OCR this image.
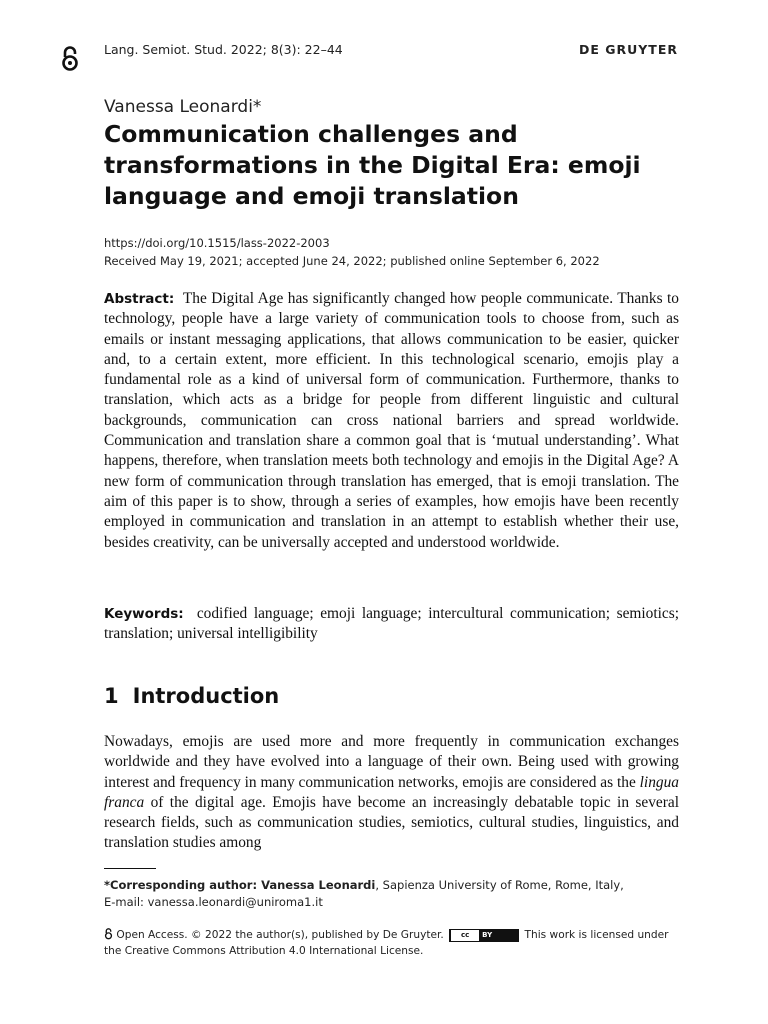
Lang. Semiot. Stud. 2022; 8(3): 22–44	DE GRUYTER
Vanessa Leonardi*
Communication challenges and
transformations in the Digital Era: emoji
language and emoji translation
https://doi.org/10.1515/lass-2022-2003
Received May 19, 2021; accepted June 24, 2022; published online September 6, 2022

Abstract: The Digital Age has significantly changed how people communicate. Thanks to technology, people have a large variety of communication tools to choose from, such as emails or instant messaging applications, that allows communication to be easier, quicker and, to a certain extent, more efficient. In this technological scenario, emojis play a fundamental role as a kind of universal form of communication. Furthermore, thanks to translation, which acts as a bridge for people from different linguistic and cultural backgrounds, communication can cross national barriers and spread worldwide. Communication and translation share a common goal that is ‘mutual understanding’. What happens, therefore, when translation meets both technology and emojis in the Digital Age? A new form of communication through translation has emerged, that is emoji translation. The aim of this paper is to show, through a series of examples, how emojis have been recently employed in communication and translation in an attempt to establish whether their use, besides creativity, can be universally accepted and understood worldwide.

Keywords: codified language; emoji language; intercultural communication; semiotics; translation; universal intelligibility

1 Introduction

Nowadays, emojis are used more and more frequently in communication exchanges worldwide and they have evolved into a language of their own. Being used with growing interest and frequency in many communication networks, emojis are considered as the lingua franca of the digital age. Emojis have become an increasingly debatable topic in several research fields, such as communication studies, semiotics, cultural studies, linguistics, and translation studies among

*Corresponding author: Vanessa Leonardi, Sapienza University of Rome, Rome, Italy,
E-mail: vanessa.leonardi@uniroma1.it
Open Access. © 2022 the author(s), published by De Gruyter.	cc	BY	This work is licensed under
the Creative Commons Attribution 4.0 International License.
